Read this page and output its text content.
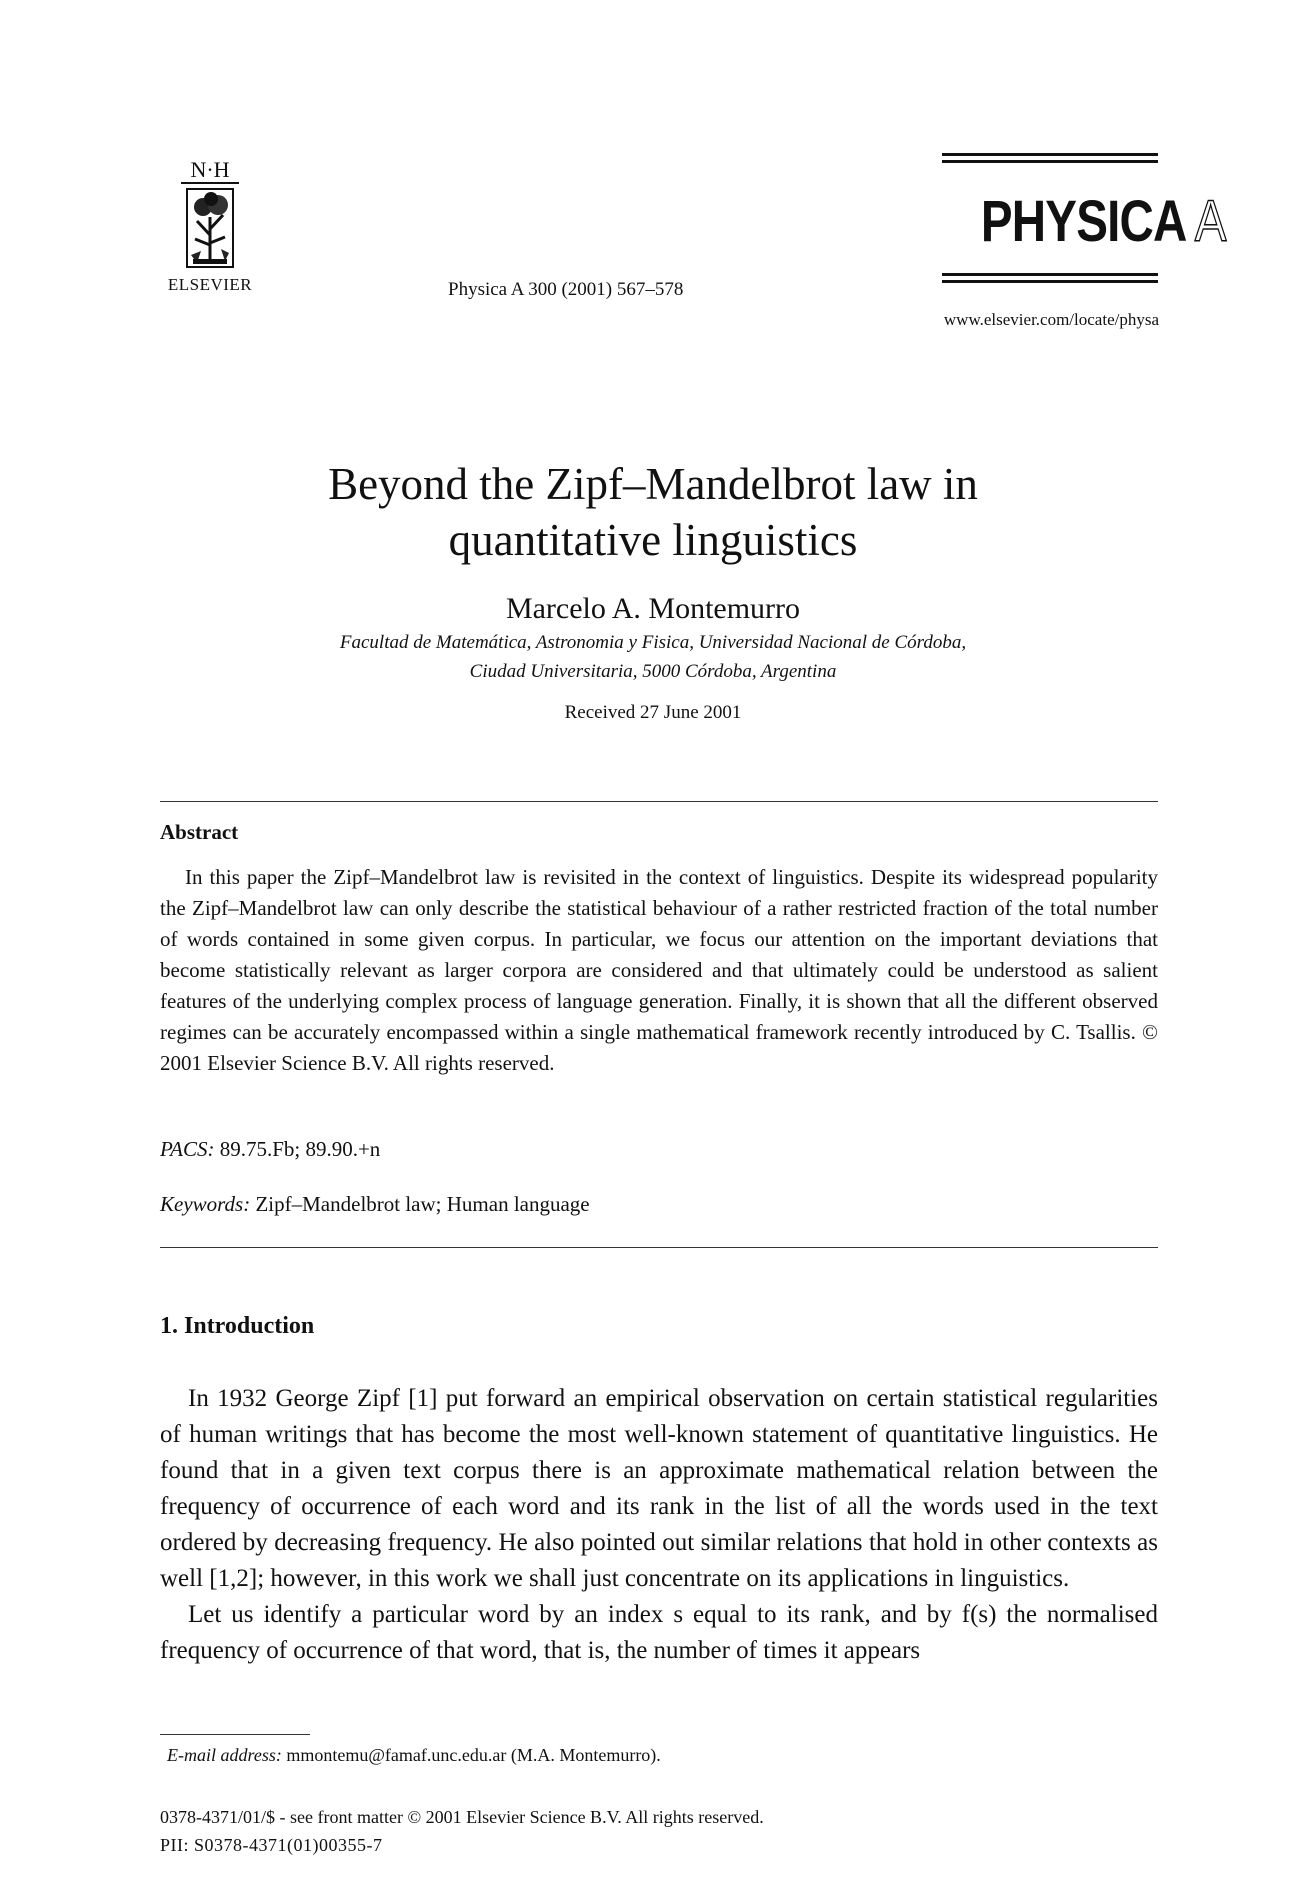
N·H
ELSEVIER	Physica A 300 (2001) 567–578
PHYSICA A
www.elsevier.com/locate/physa
Beyond the Zipf–Mandelbrot law in
quantitative linguistics
Marcelo A. Montemurro
Facultad de Matemática, Astronomia y Fisica, Universidad Nacional de Córdoba,
Ciudad Universitaria, 5000 Córdoba, Argentina
Received 27 June 2001
Abstract

In this paper the Zipf–Mandelbrot law is revisited in the context of linguistics. Despite its widespread popularity the Zipf–Mandelbrot law can only describe the statistical behaviour of a rather restricted fraction of the total number of words contained in some given corpus. In particular, we focus our attention on the important deviations that become statistically relevant as larger corpora are considered and that ultimately could be understood as salient features of the underlying complex process of language generation. Finally, it is shown that all the different observed regimes can be accurately encompassed within a single mathematical framework recently introduced by C. Tsallis. © 2001 Elsevier Science B.V. All rights reserved.

PACS: 89.75.Fb; 89.90.+n
Keywords: Zipf–Mandelbrot law; Human language
1. Introduction

In 1932 George Zipf [1] put forward an empirical observation on certain statistical regularities of human writings that has become the most well-known statement of quantitative linguistics. He found that in a given text corpus there is an approximate mathematical relation between the frequency of occurrence of each word and its rank in the list of all the words used in the text ordered by decreasing frequency. He also pointed out similar relations that hold in other contexts as well [1,2]; however, in this work we shall just concentrate on its applications in linguistics.

Let us identify a particular word by an index s equal to its rank, and by f(s) the normalised frequency of occurrence of that word, that is, the number of times it appears

E-mail address: mmontemu@famaf.unc.edu.ar (M.A. Montemurro).
0378-4371/01/$ - see front matter © 2001 Elsevier Science B.V. All rights reserved.
PII: S0378-4371(01)00355-7
